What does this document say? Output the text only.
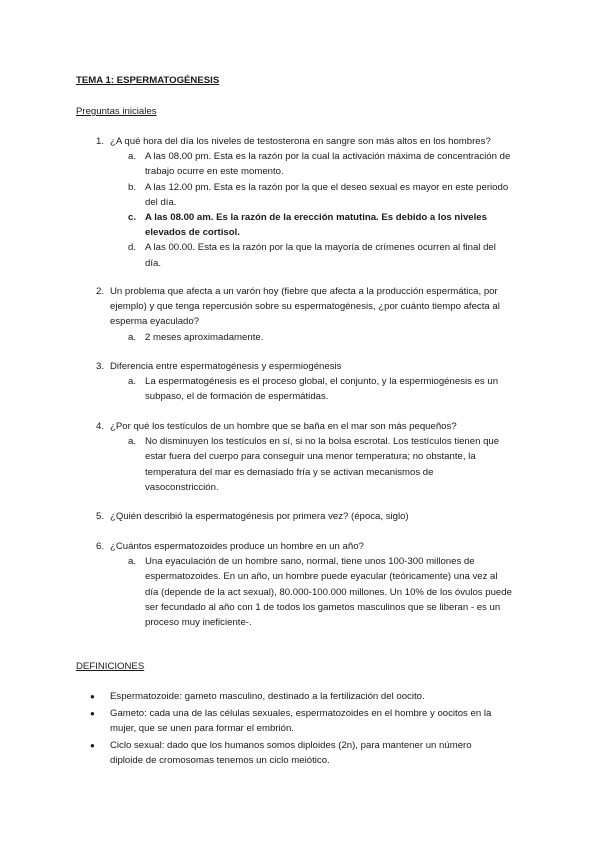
TEMA 1: ESPERMATOGÉNESIS
Preguntas iniciales
1. ¿A qué hora del día los niveles de testosterona en sangre son más altos en los hombres?
a. A las 08.00 pm. Esta es la razón por la cual la activación máxima de concentración de
trabajo ocurre en este momento.
b. A las 12.00 pm. Esta es la razón por la que el deseo sexual es mayor en este periodo
del día.
c. A las 08.00 am. Es la razón de la erección matutina. Es debido a los niveles
elevados de cortisol.
d. A las 00.00. Esta es la razón por la que la mayoría de crímenes ocurren al final del
día.
2. Un problema que afecta a un varón hoy (fiebre que afecta a la producción espermática, por
ejemplo) y que tenga repercusión sobre su espermatogénesis, ¿por cuánto tiempo afecta al
esperma eyaculado?
a. 2 meses aproximadamente.
3. Diferencia entre espermatogénesis y espermiogénesis
a. La espermatogénesis es el proceso global, el conjunto, y la espermiogénesis es un
subpaso, el de formación de espermátidas.
4. ¿Por qué los testículos de un hombre que se baña en el mar son más pequeños?
a. No disminuyen los testículos en sí, si no la bolsa escrotal. Los testículos tienen que
estar fuera del cuerpo para conseguir una menor temperatura; no obstante, la
temperatura del mar es demasiado fría y se activan mecanismos de
vasoconstricción.
5. ¿Quién describió la espermatogénesis por primera vez? (época, siglo)
6. ¿Cuántos espermatozoides produce un hombre en un año?
a. Una eyaculación de un hombre sano, normal, tiene unos 100-300 millones de
espermatozoides. En un año, un hombre puede eyacular (teóricamente) una vez al
día (depende de la act sexual), 80.000-100.000 millones. Un 10% de los óvulos puede
ser fecundado al año con 1 de todos los gametos masculinos que se liberan - es un
proceso muy ineficiente-.
DEFINICIONES
● Espermatozoide: gameto masculino, destinado a la fertilización del oocito.
● Gameto: cada una de las células sexuales, espermatozoides en el hombre y oocitos en la
mujer, que se unen para formar el embrión.
● Ciclo sexual: dado que los humanos somos diploides (2n), para mantener un número
diploide de cromosomas tenemos un ciclo meiótico.
